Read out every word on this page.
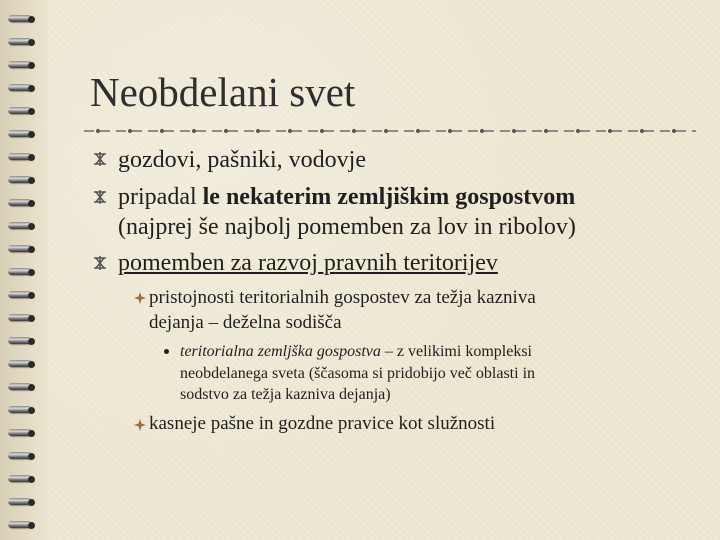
Neobdelani svet
gozdovi, pašniki, vodovje
pripadal le nekaterim zemljiškim gospostvom
(najprej še najbolj pomemben za lov in ribolov)
pomemben za razvoj pravnih teritorijev
pristojnosti teritorialnih gospostev za težja kazniva
dejanja – deželna sodišča
teritorialna zemljška gospostva – z velikimi kompleksi
neobdelanega sveta (ščasoma si pridobijo več oblasti in
sodstvo za težja kazniva dejanja)
kasneje pašne in gozdne pravice kot služnosti
